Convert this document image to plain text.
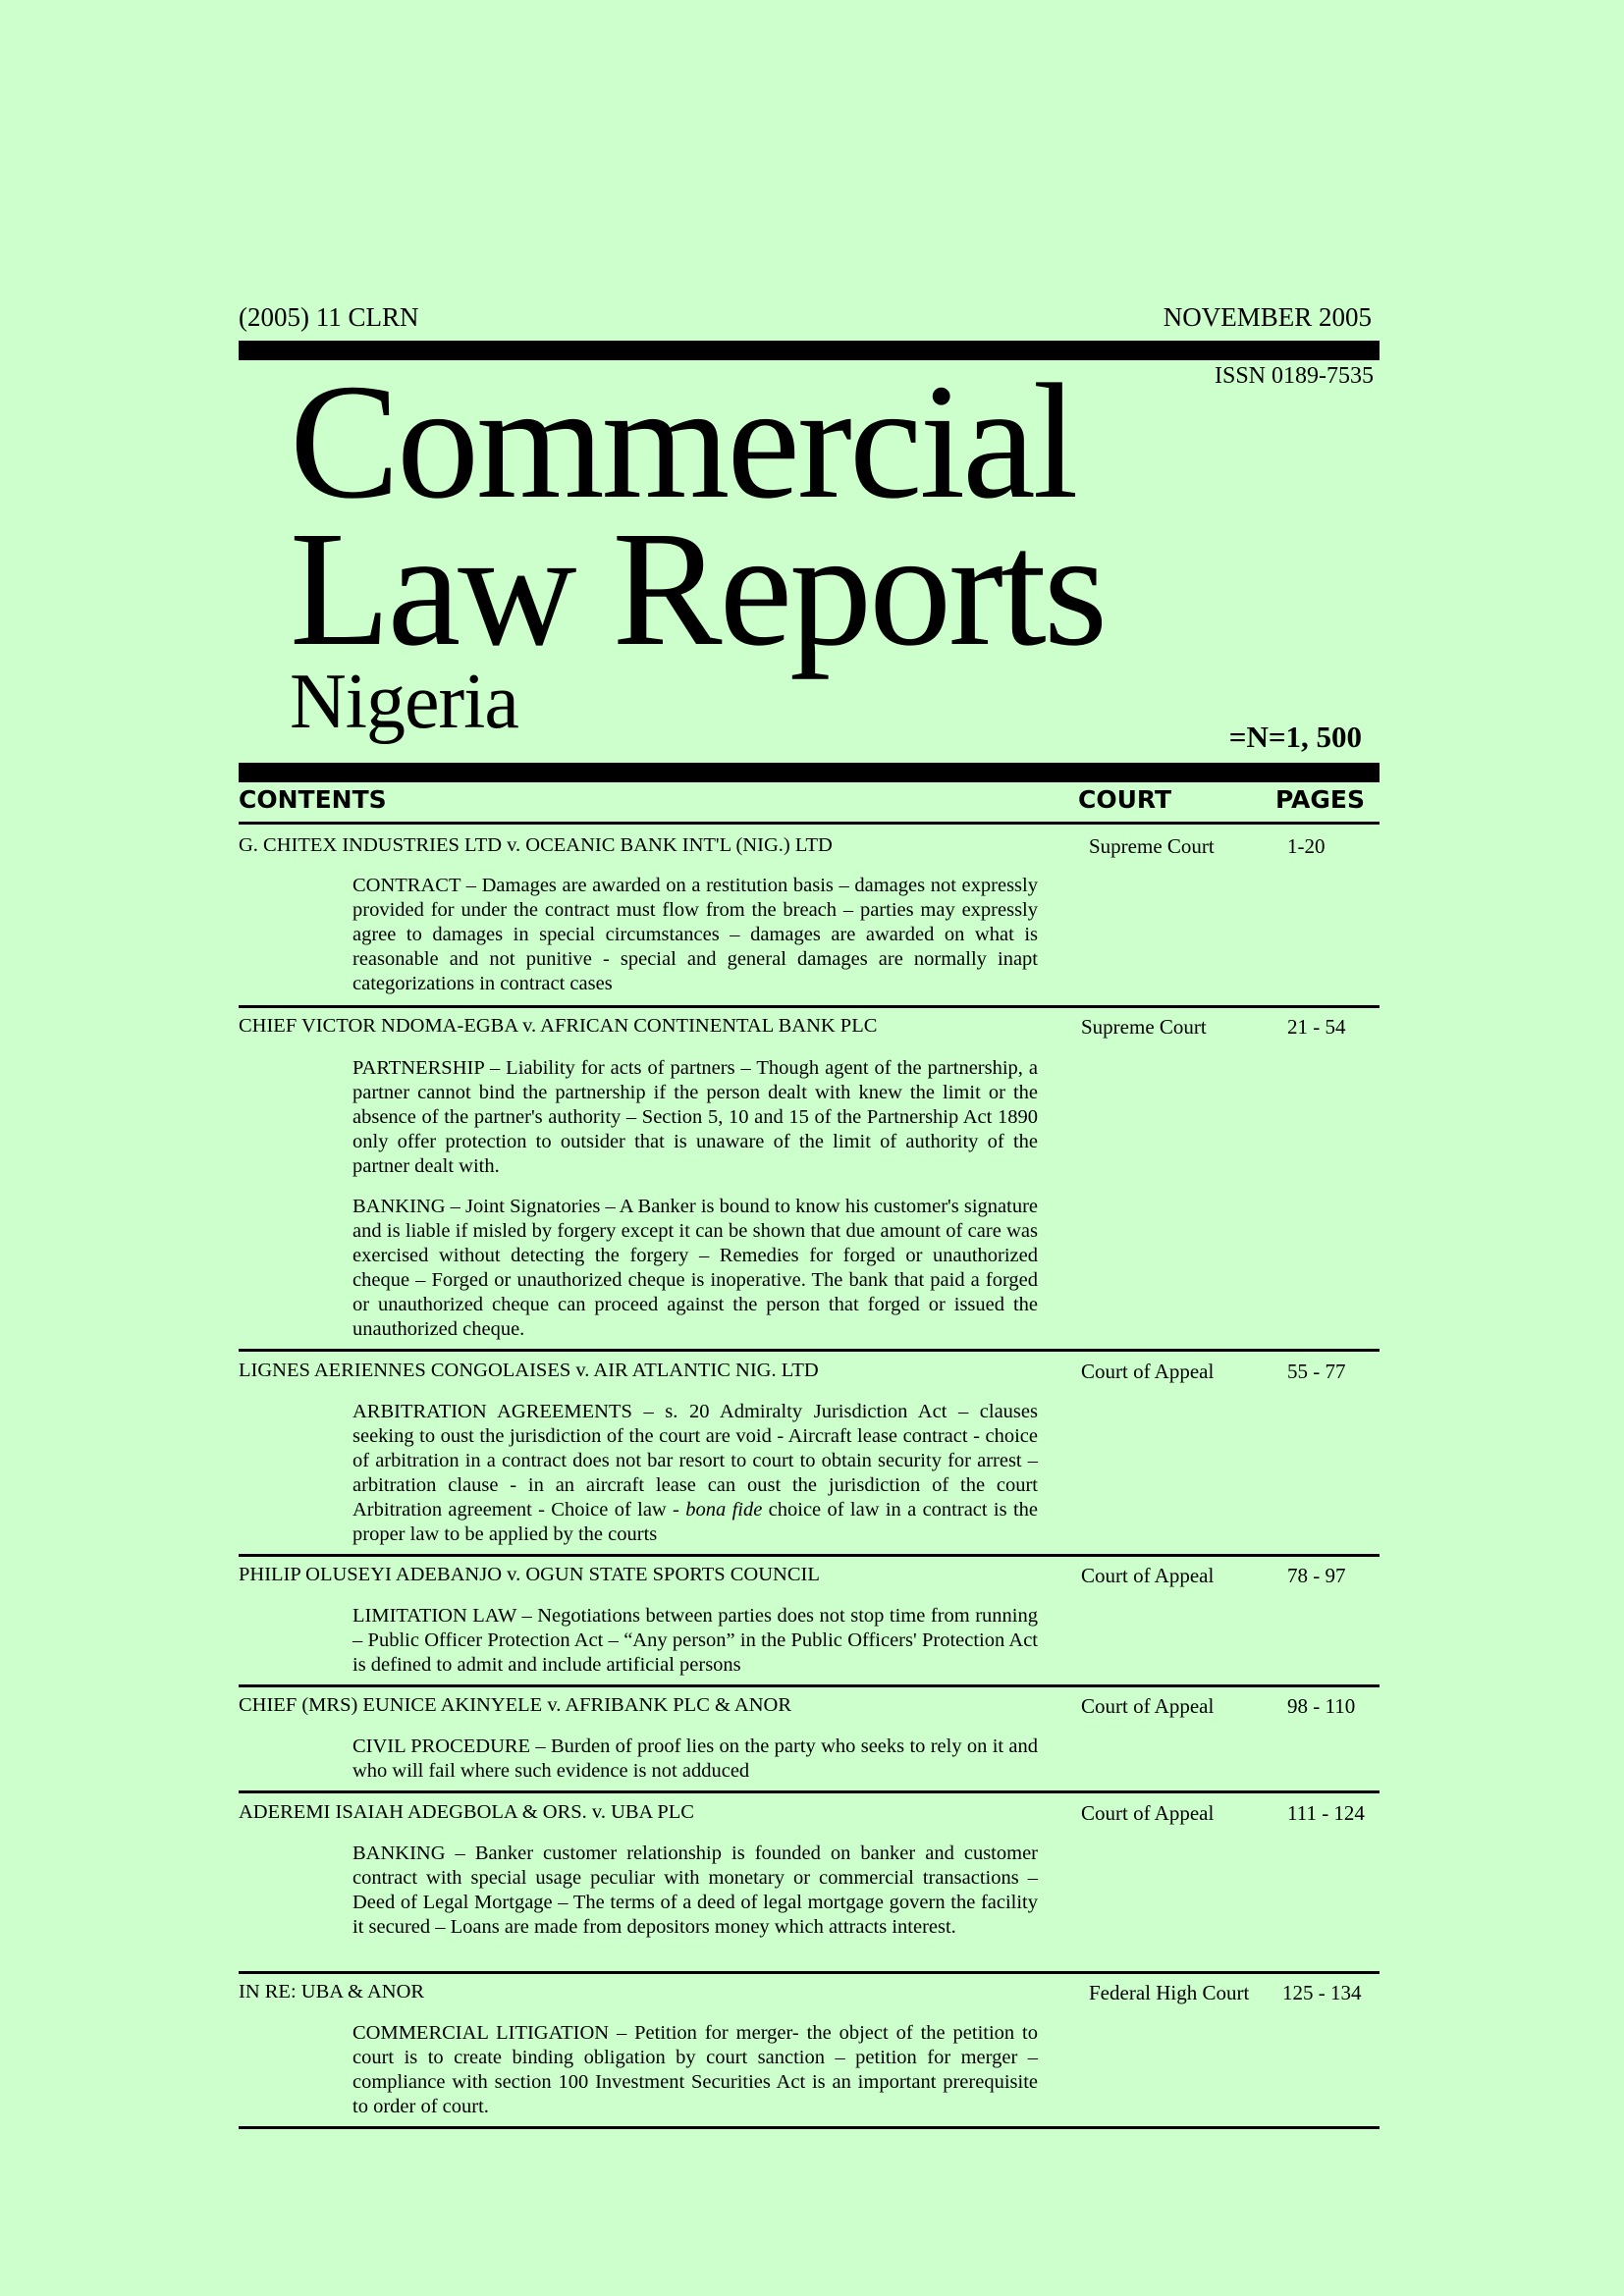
(2005) 11 CLRN	NOVEMBER 2005
ISSN 0189-7535
Commercial
Law Reports
Nigeria	=N=1, 500
CONTENTS	COURT	PAGES
G. CHITEX INDUSTRIES LTD v. OCEANIC BANK INT'L (NIG.) LTD	Supreme Court	1-20
CONTRACT – Damages are awarded on a restitution basis – damages not expressly provided for under the contract must flow from the breach – parties may expressly agree to damages in special circumstances – damages are awarded on what is reasonable and not punitive - special and general damages are normally inapt categorizations in contract cases
CHIEF VICTOR NDOMA-EGBA v. AFRICAN CONTINENTAL BANK PLC	Supreme Court	21 - 54
PARTNERSHIP – Liability for acts of partners – Though agent of the partnership, a partner cannot bind the partnership if the person dealt with knew the limit or the absence of the partner's authority – Section 5, 10 and 15 of the Partnership Act 1890 only offer protection to outsider that is unaware of the limit of authority of the partner dealt with.
BANKING – Joint Signatories – A Banker is bound to know his customer's signature and is liable if misled by forgery except it can be shown that due amount of care was exercised without detecting the forgery – Remedies for forged or unauthorized cheque – Forged or unauthorized cheque is inoperative. The bank that paid a forged or unauthorized cheque can proceed against the person that forged or issued the unauthorized cheque.
LIGNES AERIENNES CONGOLAISES v. AIR ATLANTIC NIG. LTD	Court of Appeal	55 - 77
ARBITRATION AGREEMENTS – s. 20 Admiralty Jurisdiction Act – clauses seeking to oust the jurisdiction of the court are void - Aircraft lease contract - choice of arbitration in a contract does not bar resort to court to obtain security for arrest – arbitration clause - in an aircraft lease can oust the jurisdiction of the court Arbitration agreement - Choice of law - bona fide choice of law in a contract is the proper law to be applied by the courts
PHILIP OLUSEYI ADEBANJO v. OGUN STATE SPORTS COUNCIL	Court of Appeal	78 - 97
LIMITATION LAW – Negotiations between parties does not stop time from running – Public Officer Protection Act – “Any person” in the Public Officers' Protection Act is defined to admit and include artificial persons
CHIEF (MRS) EUNICE AKINYELE v. AFRIBANK PLC & ANOR	Court of Appeal	98 - 110
CIVIL PROCEDURE – Burden of proof lies on the party who seeks to rely on it and who will fail where such evidence is not adduced
ADEREMI ISAIAH ADEGBOLA & ORS. v. UBA PLC	Court of Appeal	111 - 124
BANKING – Banker customer relationship is founded on banker and customer contract with special usage peculiar with monetary or commercial transactions – Deed of Legal Mortgage – The terms of a deed of legal mortgage govern the facility it secured – Loans are made from depositors money which attracts interest.
IN RE: UBA & ANOR	Federal High Court 125 - 134
COMMERCIAL LITIGATION – Petition for merger- the object of the petition to court is to create binding obligation by court sanction – petition for merger – compliance with section 100 Investment Securities Act is an important prerequisite to order of court.
